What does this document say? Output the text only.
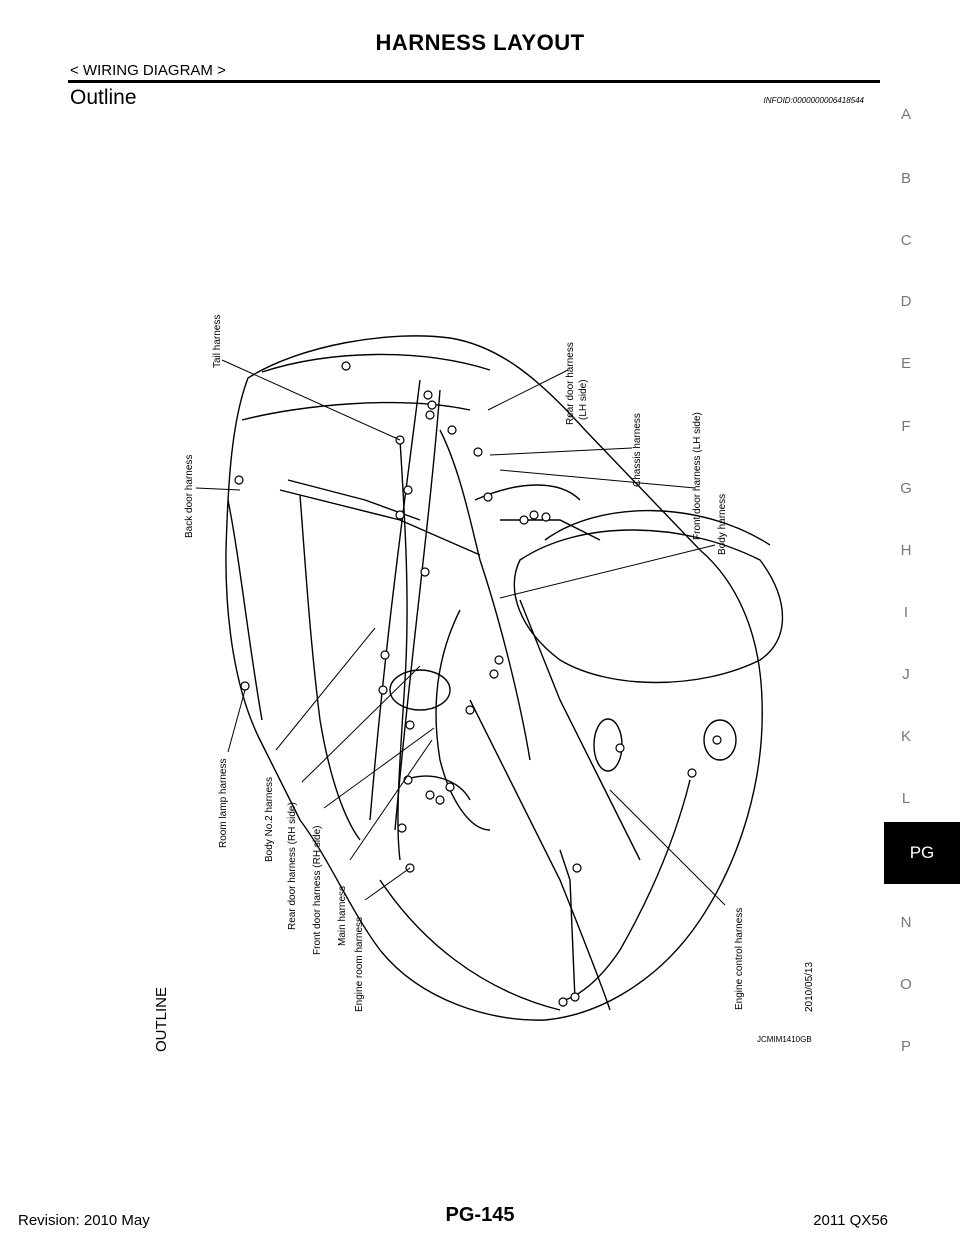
HARNESS LAYOUT
< WIRING DIAGRAM >
Outline	INFOID:0000000006418544
A
B
C
D
E
F
G
H
I
J
K
L
N
O
P
PG
Tail harness
Back door harness
Rear door harness (LH side)
Chassis harness	Front door harness (LH side) Body harness
Room lamp harness	Body No.2 harness Rear door harness (RH side) Front door harness (RH side) Main harness
Engine room harness	Engine control harness	2010/05/13
OUTLINE	JCMIM1410GB
Revision: 2010 May	PG-145	2011 QX56
